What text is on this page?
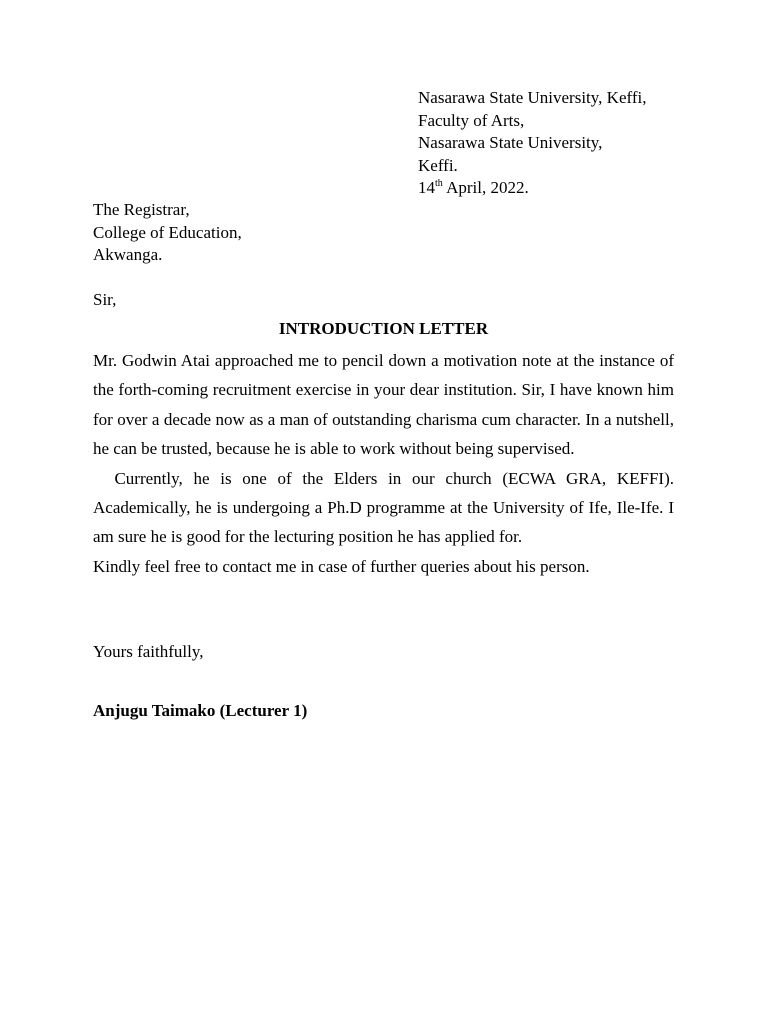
Nasarawa State University, Keffi,
Faculty of Arts,
Nasarawa State University,
Keffi.
14th April, 2022.
The Registrar,
College of Education,
Akwanga.
Sir,
INTRODUCTION LETTER

Mr. Godwin Atai approached me to pencil down a motivation note at the instance of the forth-coming recruitment exercise in your dear institution. Sir, I have known him for over a decade now as a man of outstanding charisma cum character. In a nutshell, he can be trusted, because he is able to work without being supervised.

Currently, he is one of the Elders in our church (ECWA GRA, KEFFI). Academically, he is undergoing a Ph.D programme at the University of Ife, Ile-Ife. I am sure he is good for the lecturing position he has applied for.

Kindly feel free to contact me in case of further queries about his person.

Yours faithfully,
Anjugu Taimako (Lecturer 1)
